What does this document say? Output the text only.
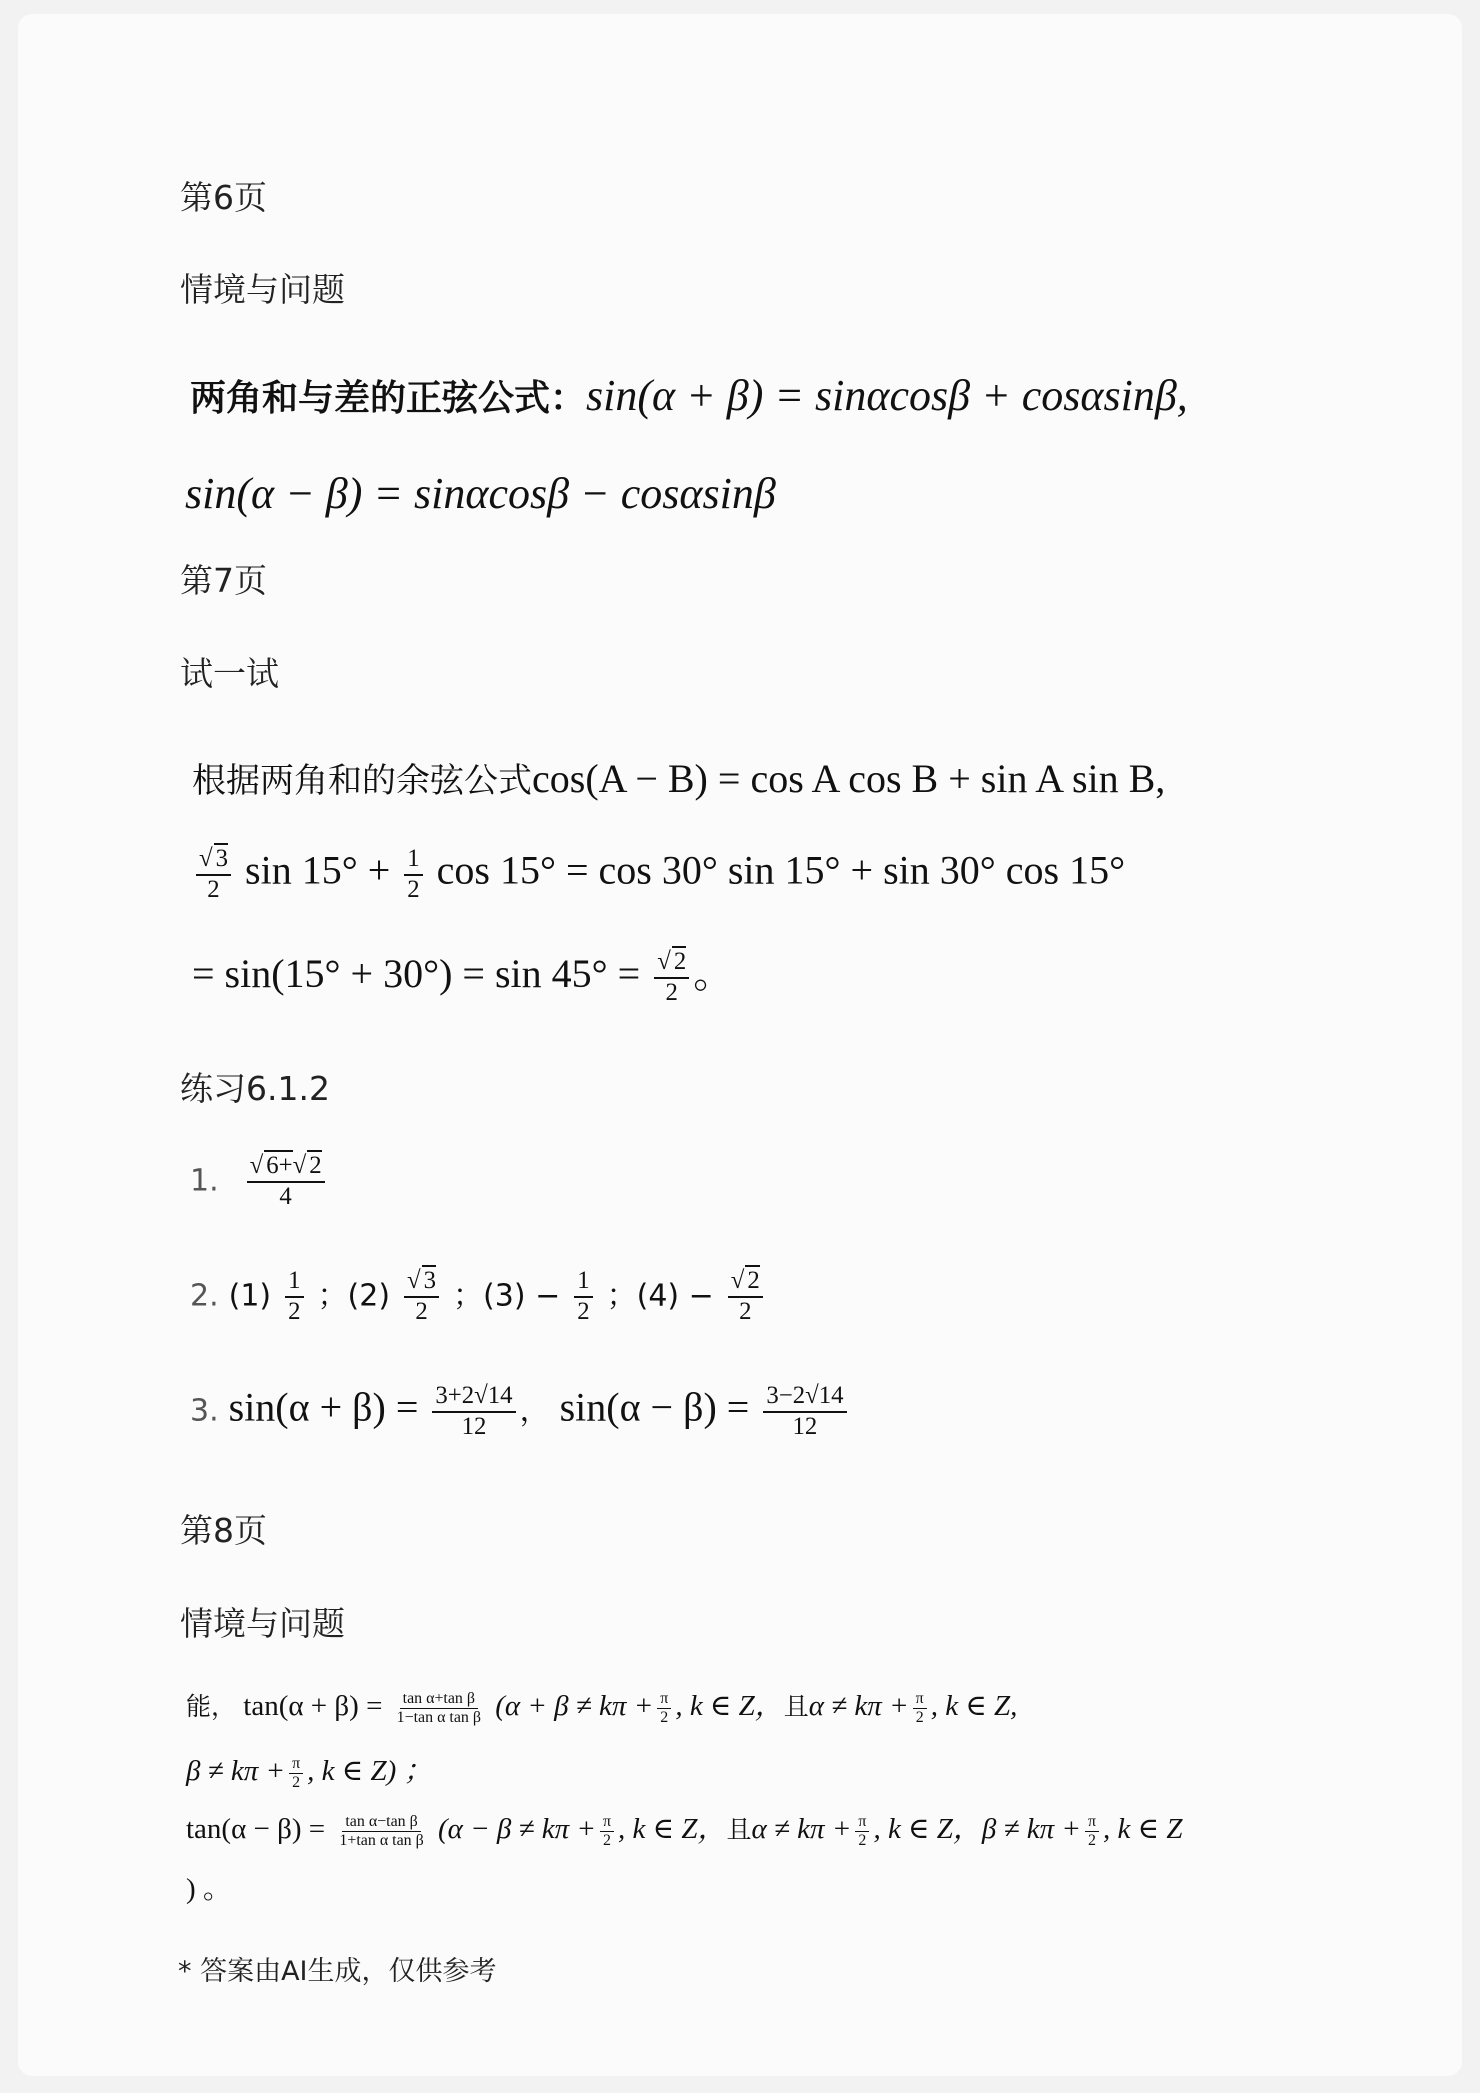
第6页
情境与问题
两角和与差的正弦公式：sin(α + β) = sinαcosβ + cosαsinβ,
sin(α − β) = sinαcosβ − cosαsinβ
第7页
试一试
根据两角和的余弦公式cos(A − B) = cos A cos B + sin A sin B,
$\frac{√ 3}{2}$ $\sin 15^\circ + \frac{1}{2}$ cos 15° = cos 30° sin 15° + sin 30° cos 15°
= $\sin(15^\circ + 30^\circ) = \sin 45^\circ = \frac{√ 2}{2}$ 。
练习6.1.2
1. $\frac{√ 6+√ 2}{4}$
2. $(1) \frac{1}{2}$ ；$(2) \frac{√ 3}{2}$ ；$(3) - \frac{1}{2}$ ；$(4) - \frac{√ 2}{2}$
3. $\sin(\alpha + \beta) = \frac{3+2√14}{12}$ ， $\sin(\alpha - \beta) = \frac{3-2√14}{12}$
第8页
情境与问题
能， $\tan(\alpha + \beta) = \frac{\text{tan α+tan β}}{\text{1−tan α tan β}} (\alpha + \beta \ne k\pi + \frac{\pi}{2}$ , k ∈ Z，且$\alpha \ne k\pi + \frac{\pi}{2}$ , k ∈ Z,
$\beta \ne k\pi + \frac{\pi}{2}$ , k ∈ Z) ；
$\tan(\alpha - \beta) = \frac{\text{tan α−tan β}}{\text{1+tan α tan β}} (\alpha - \beta \ne k\pi + \frac{\pi}{2}$ , k ∈ Z，且$\alpha \ne k\pi + \frac{\pi}{2}$ , k ∈ Z，$\beta \ne k\pi + \frac{\pi}{2}$ , k ∈ Z
) 。
* 答案由AI生成，仅供参考
